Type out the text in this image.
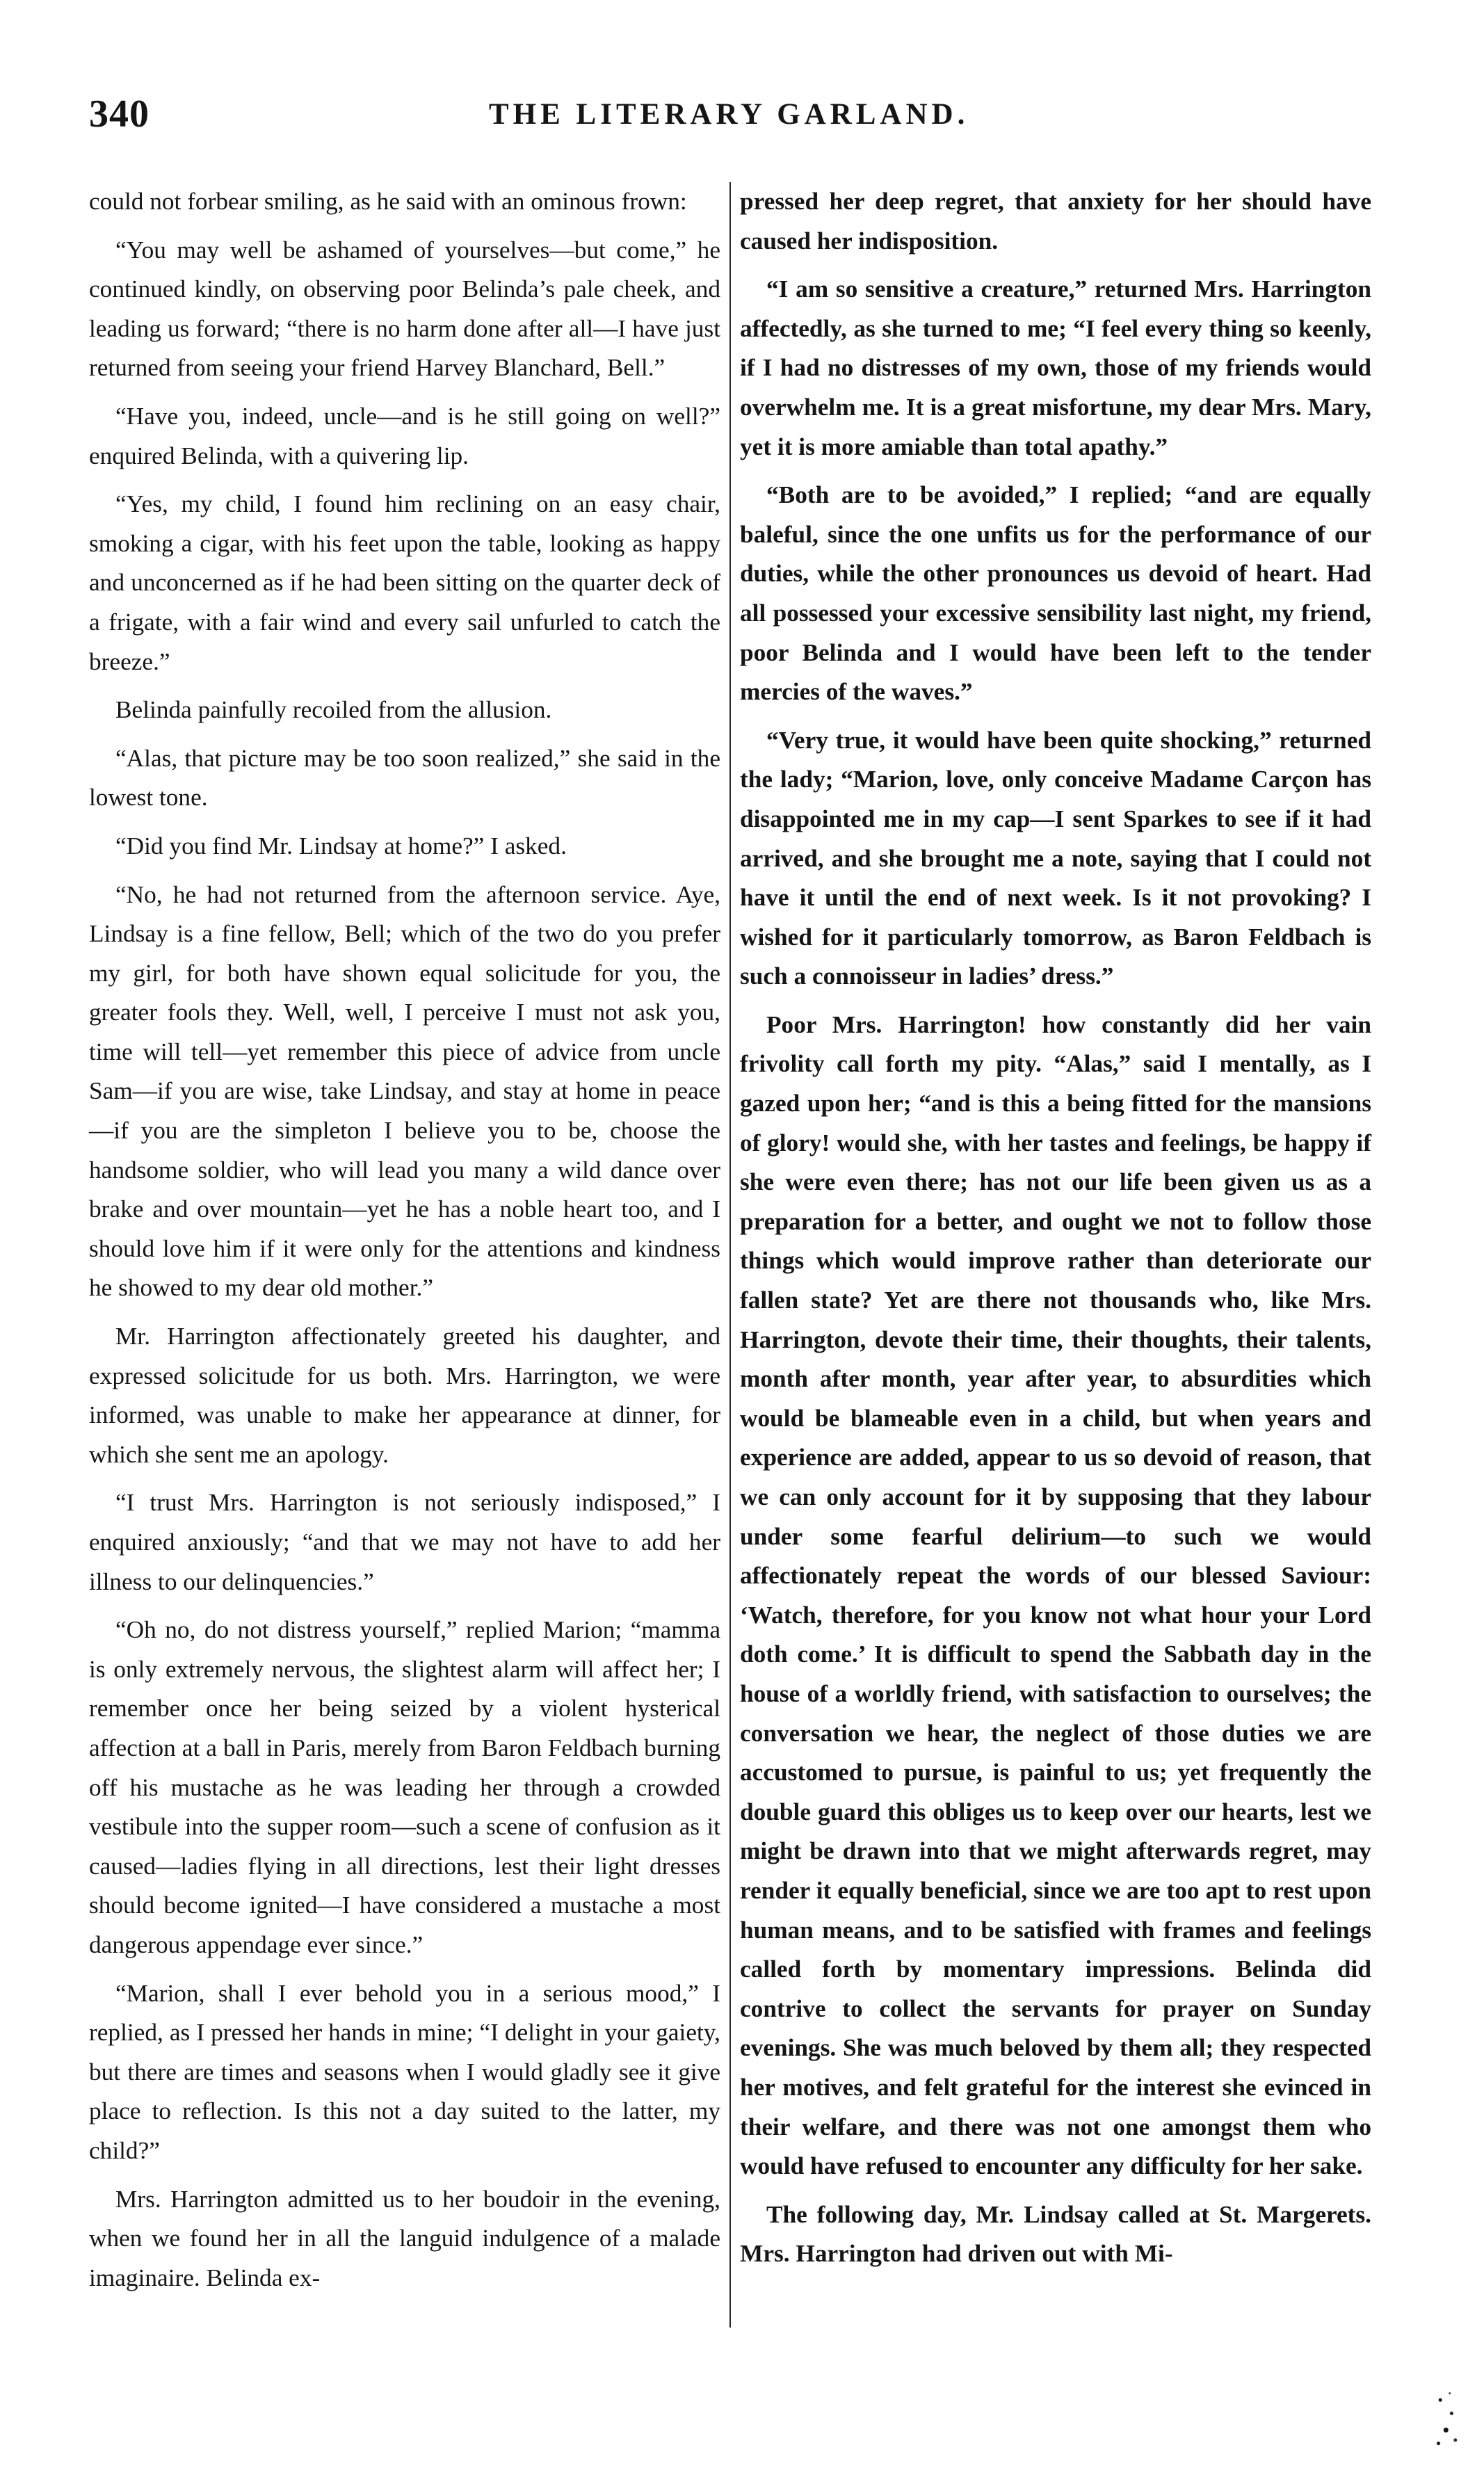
340	THE LITERARY GARLAND.

could not forbear smiling, as he said with an ominous frown:

“You may well be ashamed of yourselves—but come,” he continued kindly, on observing poor Belinda’s pale cheek, and leading us forward; “there is no harm done after all—I have just returned from seeing your friend Harvey Blanchard, Bell.”

“Have you, indeed, uncle—and is he still going on well?” enquired Belinda, with a quivering lip.

“Yes, my child, I found him reclining on an easy chair, smoking a cigar, with his feet upon the table, looking as happy and unconcerned as if he had been sitting on the quarter deck of a frigate, with a fair wind and every sail unfurled to catch the breeze.”

Belinda painfully recoiled from the allusion.

“Alas, that picture may be too soon realized,” she said in the lowest tone.

“Did you find Mr. Lindsay at home?” I asked.

“No, he had not returned from the afternoon service. Aye, Lindsay is a fine fellow, Bell; which of the two do you prefer my girl, for both have shown equal solicitude for you, the greater fools they. Well, well, I perceive I must not ask you, time will tell—yet remember this piece of advice from uncle Sam—if you are wise, take Lindsay, and stay at home in peace—if you are the simpleton I believe you to be, choose the handsome soldier, who will lead you many a wild dance over brake and over mountain—yet he has a noble heart too, and I should love him if it were only for the attentions and kindness he showed to my dear old mother.”

Mr. Harrington affectionately greeted his daughter, and expressed solicitude for us both. Mrs. Harrington, we were informed, was unable to make her appearance at dinner, for which she sent me an apology.

“I trust Mrs. Harrington is not seriously indisposed,” I enquired anxiously; “and that we may not have to add her illness to our delinquencies.”

“Oh no, do not distress yourself,” replied Marion; “mamma is only extremely nervous, the slightest alarm will affect her; I remember once her being seized by a violent hysterical affection at a ball in Paris, merely from Baron Feldbach burning off his mustache as he was leading her through a crowded vestibule into the supper room—such a scene of confusion as it caused—ladies flying in all directions, lest their light dresses should become ignited—I have considered a mustache a most dangerous appendage ever since.”

“Marion, shall I ever behold you in a serious mood,” I replied, as I pressed her hands in mine; “I delight in your gaiety, but there are times and seasons when I would gladly see it give place to reflection. Is this not a day suited to the latter, my child?”

Mrs. Harrington admitted us to her boudoir in the evening, when we found her in all the languid indulgence of a malade imaginaire. Belinda ex-

pressed her deep regret, that anxiety for her should have caused her indisposition.

“I am so sensitive a creature,” returned Mrs. Harrington affectedly, as she turned to me; “I feel every thing so keenly, if I had no distresses of my own, those of my friends would overwhelm me. It is a great misfortune, my dear Mrs. Mary, yet it is more amiable than total apathy.”

“Both are to be avoided,” I replied; “and are equally baleful, since the one unfits us for the performance of our duties, while the other pronounces us devoid of heart. Had all possessed your excessive sensibility last night, my friend, poor Belinda and I would have been left to the tender mercies of the waves.”

“Very true, it would have been quite shocking,” returned the lady; “Marion, love, only conceive Madame Carçon has disappointed me in my cap—I sent Sparkes to see if it had arrived, and she brought me a note, saying that I could not have it until the end of next week. Is it not provoking? I wished for it particularly tomorrow, as Baron Feldbach is such a connoisseur in ladies’ dress.”

Poor Mrs. Harrington! how constantly did her vain frivolity call forth my pity. “Alas,” said I mentally, as I gazed upon her; “and is this a being fitted for the mansions of glory! would she, with her tastes and feelings, be happy if she were even there; has not our life been given us as a preparation for a better, and ought we not to follow those things which would improve rather than deteriorate our fallen state? Yet are there not thousands who, like Mrs. Harrington, devote their time, their thoughts, their talents, month after month, year after year, to absurdities which would be blameable even in a child, but when years and experience are added, appear to us so devoid of reason, that we can only account for it by supposing that they labour under some fearful delirium—to such we would affectionately repeat the words of our blessed Saviour: ‘Watch, therefore, for you know not what hour your Lord doth come.’ It is difficult to spend the Sabbath day in the house of a worldly friend, with satisfaction to ourselves; the conversation we hear, the neglect of those duties we are accustomed to pursue, is painful to us; yet frequently the double guard this obliges us to keep over our hearts, lest we might be drawn into that we might afterwards regret, may render it equally beneficial, since we are too apt to rest upon human means, and to be satisfied with frames and feelings called forth by momentary impressions. Belinda did contrive to collect the servants for prayer on Sunday evenings. She was much beloved by them all; they respected her motives, and felt grateful for the interest she evinced in their welfare, and there was not one amongst them who would have refused to encounter any difficulty for her sake.

The following day, Mr. Lindsay called at St. Margerets. Mrs. Harrington had driven out with Mi-
